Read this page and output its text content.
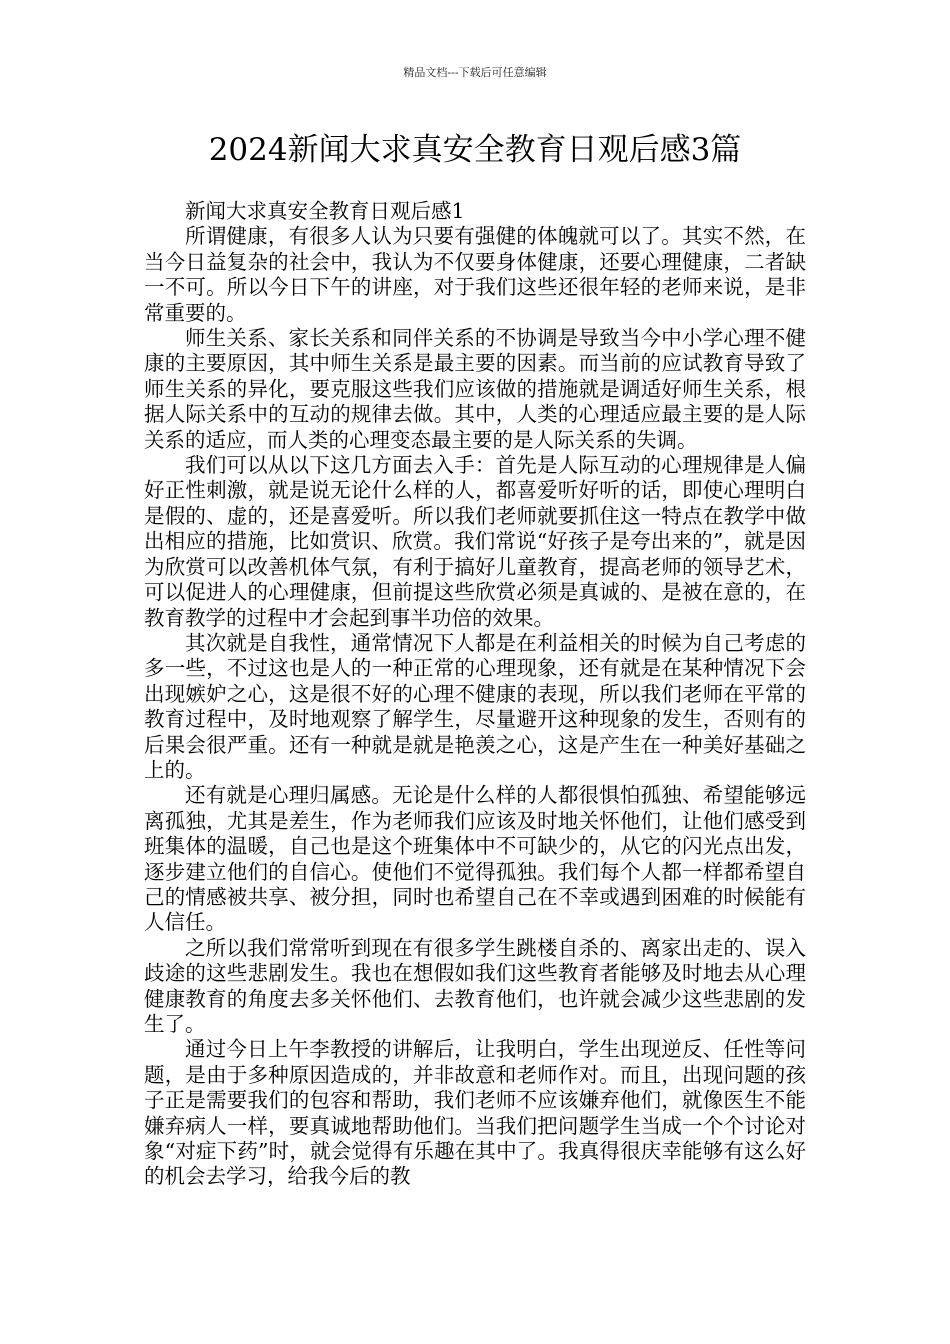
精品文档---下载后可任意编辑
2024新闻大求真安全教育日观后感3篇

新闻大求真安全教育日观后感1

所谓健康，有很多人认为只要有强健的体魄就可以了。其实不然，在当今日益复杂的社会中，我认为不仅要身体健康，还要心理健康，二者缺一不可。所以今日下午的讲座，对于我们这些还很年轻的老师来说，是非常重要的。

师生关系、家长关系和同伴关系的不协调是导致当今中小学心理不健康的主要原因，其中师生关系是最主要的因素。而当前的应试教育导致了师生关系的异化，要克服这些我们应该做的措施就是调适好师生关系，根据人际关系中的互动的规律去做。其中，人类的心理适应最主要的是人际关系的适应，而人类的心理变态最主要的是人际关系的失调。

我们可以从以下这几方面去入手：首先是人际互动的心理规律是人偏好正性刺激，就是说无论什么样的人，都喜爱听好听的话，即使心理明白是假的、虚的，还是喜爱听。所以我们老师就要抓住这一特点在教学中做出相应的措施，比如赏识、欣赏。我们常说“好孩子是夸出来的”，就是因为欣赏可以改善机体气氛，有利于搞好儿童教育，提高老师的领导艺术，可以促进人的心理健康，但前提这些欣赏必须是真诚的、是被在意的，在教育教学的过程中才会起到事半功倍的效果。

其次就是自我性，通常情况下人都是在利益相关的时候为自己考虑的多一些，不过这也是人的一种正常的心理现象，还有就是在某种情况下会出现嫉妒之心，这是很不好的心理不健康的表现，所以我们老师在平常的教育过程中，及时地观察了解学生，尽量避开这种现象的发生，否则有的后果会很严重。还有一种就是就是艳羡之心，这是产生在一种美好基础之上的。

还有就是心理归属感。无论是什么样的人都很惧怕孤独、希望能够远离孤独，尤其是差生，作为老师我们应该及时地关怀他们，让他们感受到班集体的温暖，自己也是这个班集体中不可缺少的，从它的闪光点出发，逐步建立他们的自信心。使他们不觉得孤独。我们每个人都一样都希望自己的情感被共享、被分担，同时也希望自己在不幸或遇到困难的时候能有人信任。

之所以我们常常听到现在有很多学生跳楼自杀的、离家出走的、误入歧途的这些悲剧发生。我也在想假如我们这些教育者能够及时地去从心理健康教育的角度去多关怀他们、去教育他们，也许就会减少这些悲剧的发生了。

通过今日上午李教授的讲解后，让我明白，学生出现逆反、任性等问题，是由于多种原因造成的，并非故意和老师作对。而且，出现问题的孩子正是需要我们的包容和帮助，我们老师不应该嫌弃他们，就像医生不能嫌弃病人一样，要真诚地帮助他们。当我们把问题学生当成一个个讨论对象“对症下药”时，就会觉得有乐趣在其中了。我真得很庆幸能够有这么好的机会去学习，给我今后的教
